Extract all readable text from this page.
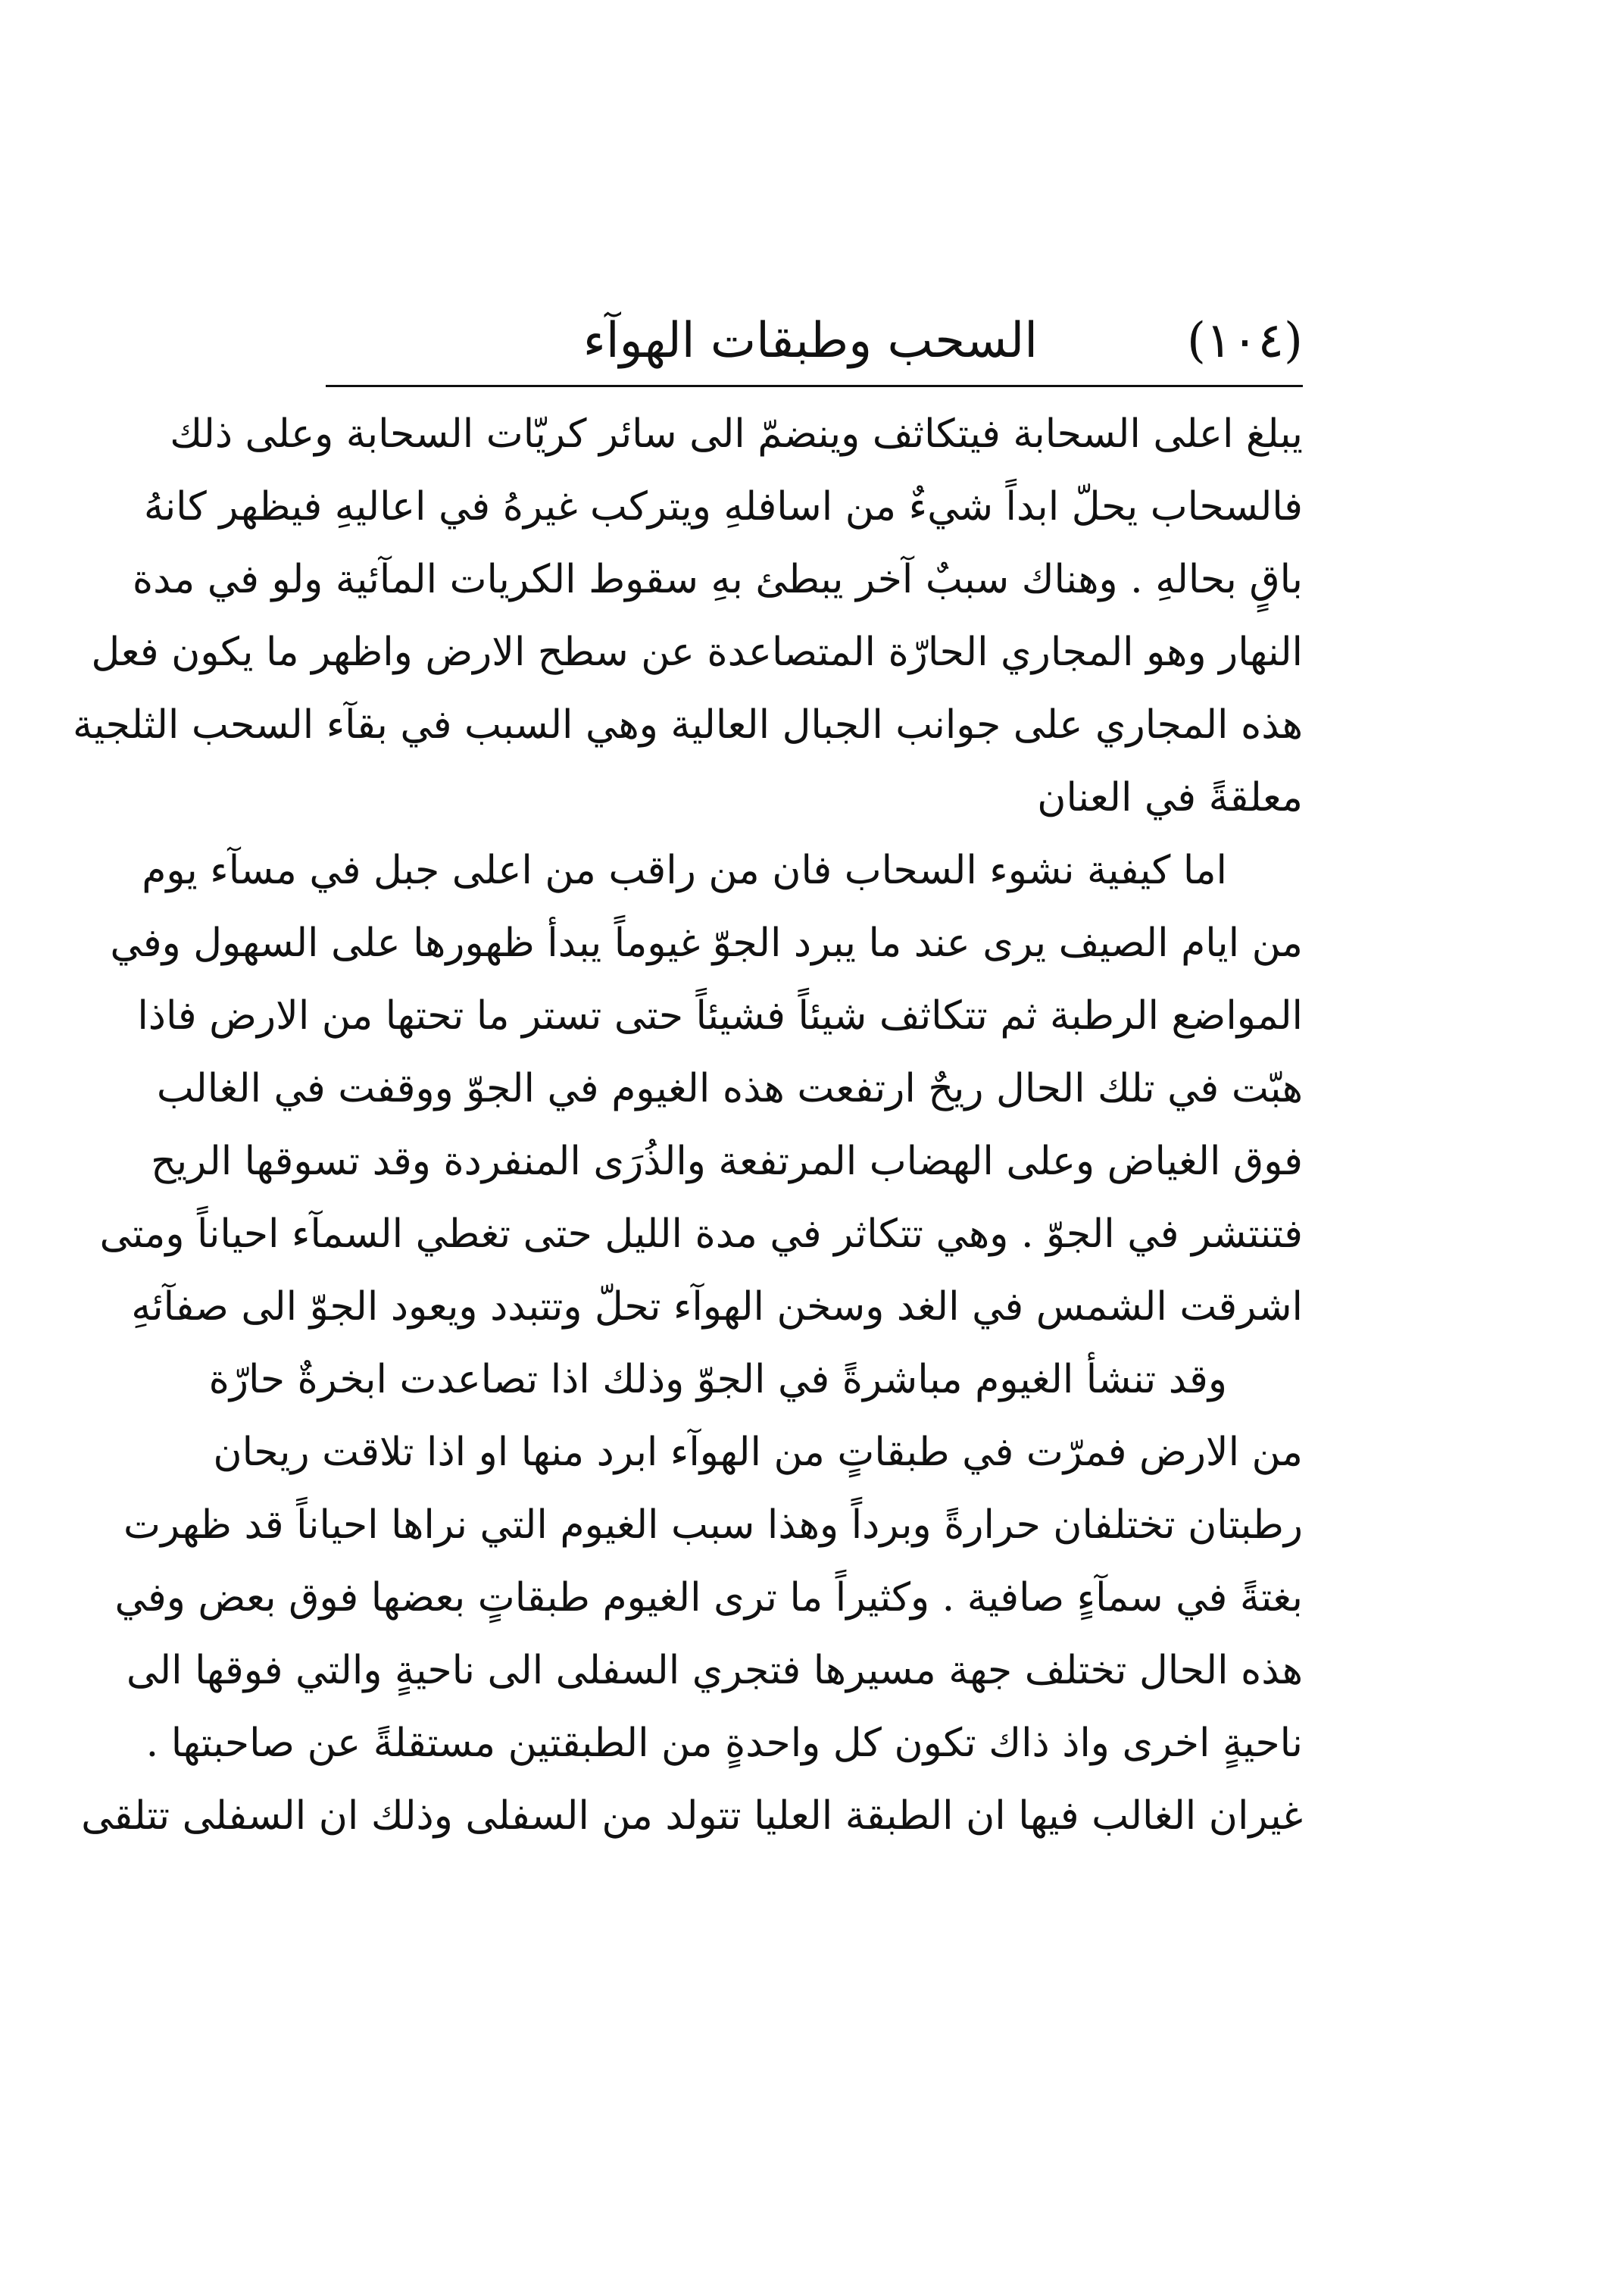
(١٠٤)
السحب وطبقات الهوآء
يبلغ اعلى السحابة فيتكاثف وينضمّ الى سائر كريّات السحابة وعلى ذلك
فالسحاب يحلّ ابداً شيءٌ من اسافلهِ ويتركب غيرهُ في اعاليهِ فيظهر كانهُ
باقٍ بحالهِ . وهناك سببٌ آخر يبطئ بهِ سقوط الكريات المآئية ولو في مدة
النهار وهو المجاري الحارّة المتصاعدة عن سطح الارض واظهر ما يكون فعل
هذه المجاري على جوانب الجبال العالية وهي السبب في بقآء السحب الثلجية
معلقةً في العنان
اما كيفية نشوء السحاب فان من راقب من اعلى جبل في مسآء يوم
من ايام الصيف يرى عند ما يبرد الجوّ غيوماً يبدأ ظهورها على السهول وفي
المواضع الرطبة ثم تتكاثف شيئاً فشيئاً حتى تستر ما تحتها من الارض فاذا
هبّت في تلك الحال ريحٌ ارتفعت هذه الغيوم في الجوّ ووقفت في الغالب
فوق الغياض وعلى الهضاب المرتفعة والذُرَى المنفردة وقد تسوقها الريح
فتنتشر في الجوّ . وهي تتكاثر في مدة الليل حتى تغطي السمآء احياناً ومتى
اشرقت الشمس في الغد وسخن الهوآء تحلّ وتتبدد ويعود الجوّ الى صفآئهِ
وقد تنشأ الغيوم مباشرةً في الجوّ وذلك اذا تصاعدت ابخرةٌ حارّة
من الارض فمرّت في طبقاتٍ من الهوآء ابرد منها او اذا تلاقت ريحان
رطبتان تختلفان حرارةً وبرداً وهذا سبب الغيوم التي نراها احياناً قد ظهرت
بغتةً في سمآءٍ صافية . وكثيراً ما ترى الغيوم طبقاتٍ بعضها فوق بعض وفي
هذه الحال تختلف جهة مسيرها فتجري السفلى الى ناحيةٍ والتي فوقها الى
ناحيةٍ اخرى واذ ذاك تكون كل واحدةٍ من الطبقتين مستقلةً عن صاحبتها .
غيران الغالب فيها ان الطبقة العليا تتولد من السفلى وذلك ان السفلى تتلقى
